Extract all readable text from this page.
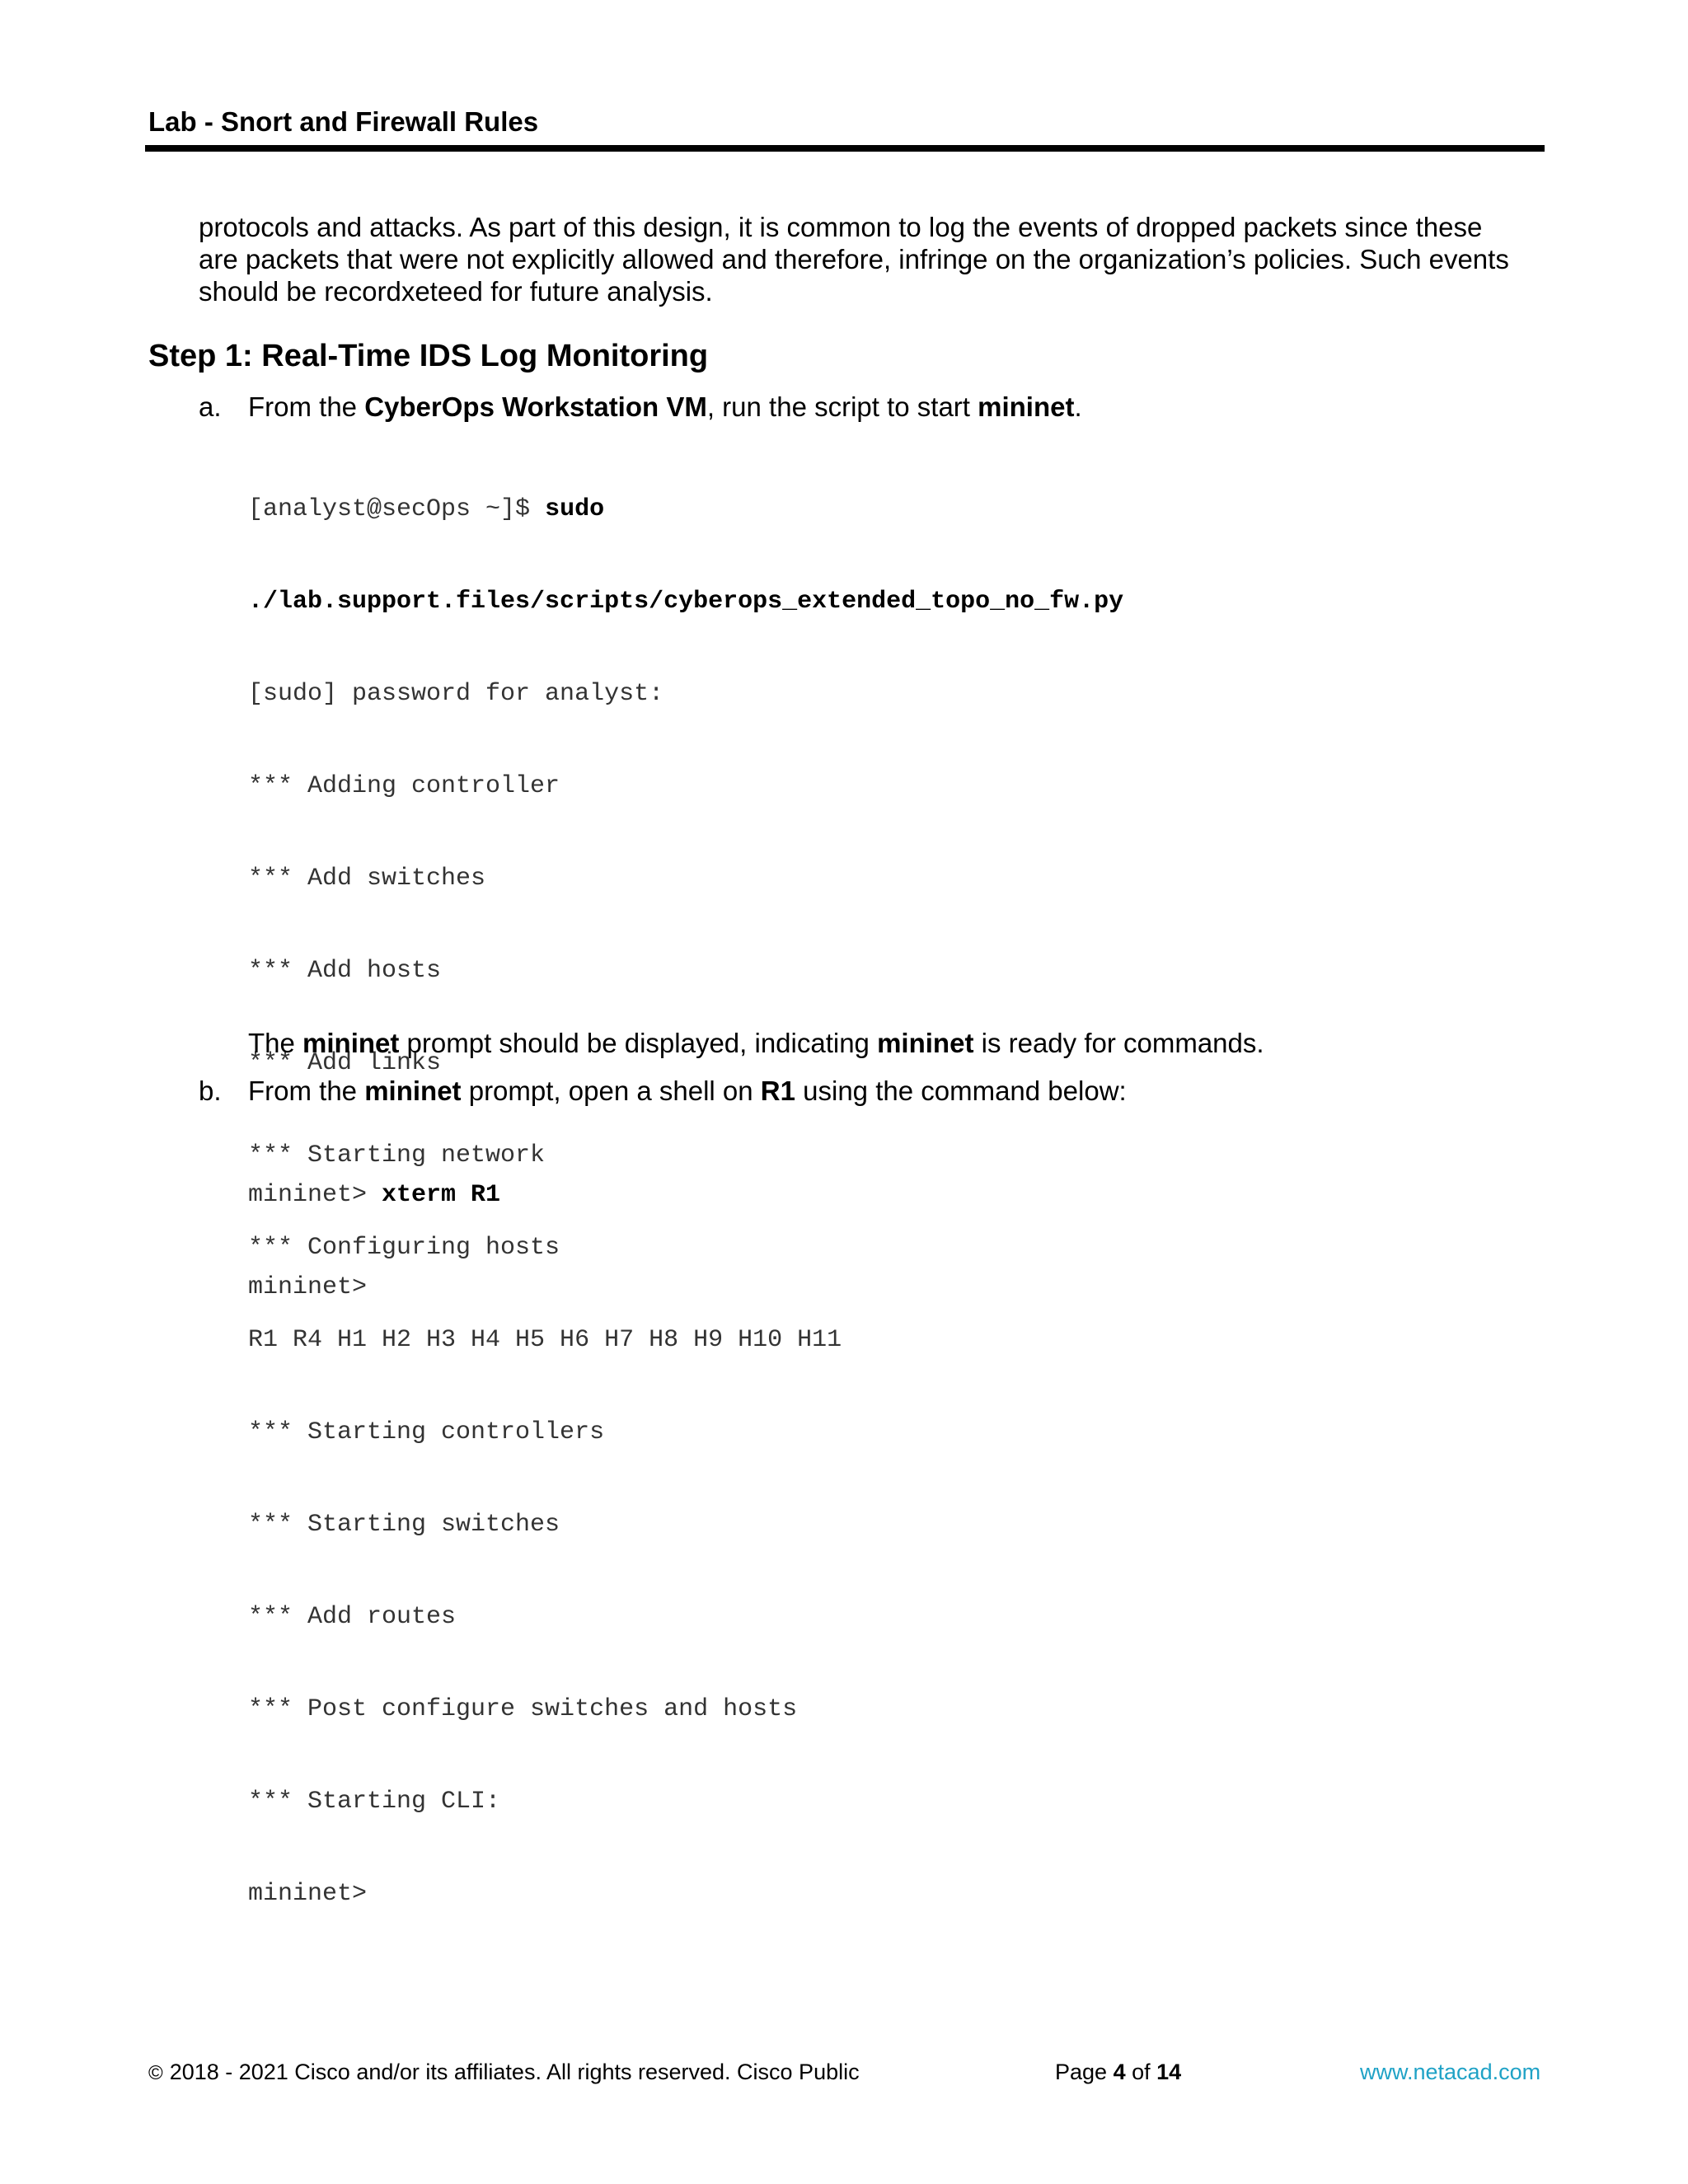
Lab - Snort and Firewall Rules

protocols and attacks. As part of this design, it is common to log the events of dropped packets since these

are packets that were not explicitly allowed and therefore, infringe on the organization’s policies. Such events

should be recordxeteed for future analysis.

Step 1: Real-Time IDS Log Monitoring
a. From the CyberOps Workstation VM, run the script to start mininet.

[analyst@secOps ~]$ sudo

./lab.support.files/scripts/cyberops_extended_topo_no_fw.py

[sudo] password for analyst:

*** Adding controller

*** Add switches

*** Add hosts

*** Add links

*** Starting network

*** Configuring hosts

R1 R4 H1 H2 H3 H4 H5 H6 H7 H8 H9 H10 H11

*** Starting controllers

*** Starting switches

*** Add routes

*** Post configure switches and hosts

*** Starting CLI:

mininet>

The mininet prompt should be displayed, indicating mininet is ready for commands.
b. From the mininet prompt, open a shell on R1 using the command below:

mininet> xterm R1

mininet>

© 2018 - 2021 Cisco and/or its affiliates. All rights reserved. Cisco Public	Page 4 of 14	www.netacad.com
